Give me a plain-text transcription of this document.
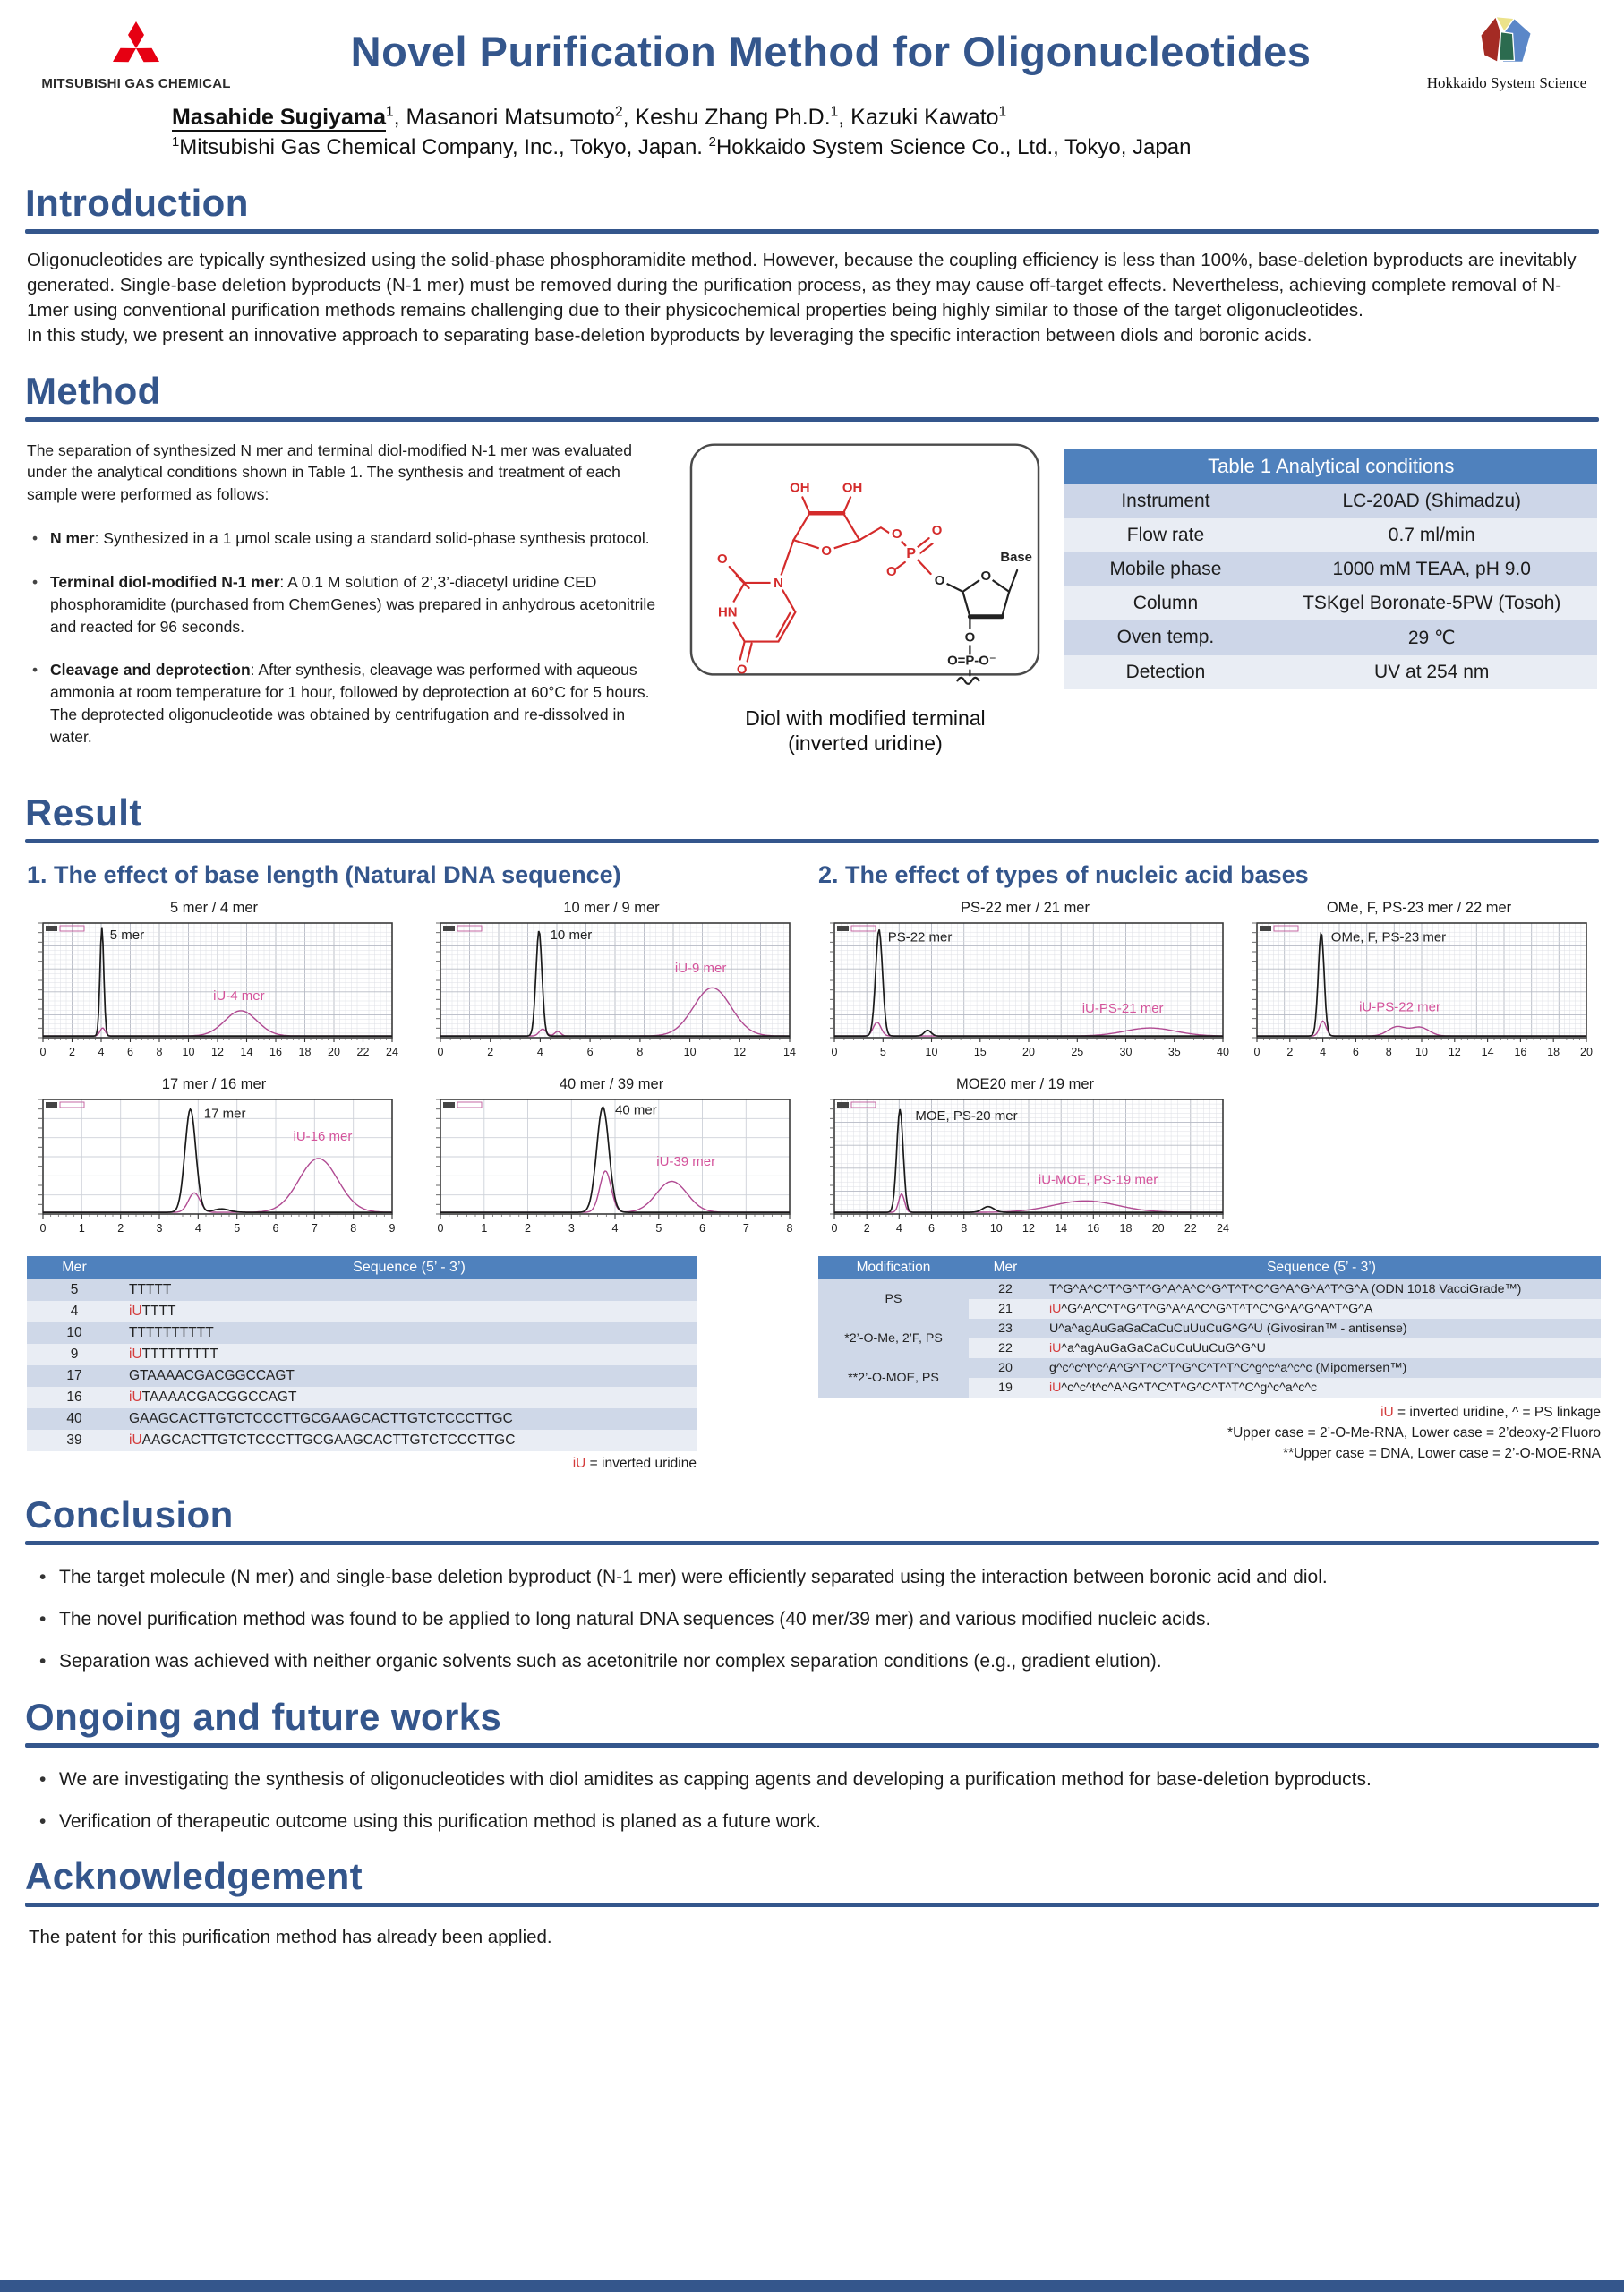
MITSUBISHI GAS CHEMICAL
Novel Purification Method for Oligonucleotides
Hokkaido System Science
Masahide Sugiyama$^1$, Masanori Matsumoto$^2$, Keshu Zhang Ph.D.$^1$, Kazuki Kawato$^1$
$^1$Mitsubishi Gas Chemical Company, Inc., Tokyo, Japan. $^2$Hokkaido System Science Co., Ltd., Tokyo, Japan
Introduction

Oligonucleotides are typically synthesized using the solid-phase phosphoramidite method. However, because the coupling efficiency is less than 100%, base-deletion byproducts are inevitably generated. Single-base deletion byproducts (N-1 mer) must be removed during the purification process, as they may cause off-target effects. Nevertheless, achieving complete removal of N-1mer using conventional purification methods remains challenging due to their physicochemical properties being highly similar to those of the target oligonucleotides.

In this study, we present an innovative approach to separating base-deletion byproducts by leveraging the specific interaction between diols and boronic acids.

Method

The separation of synthesized N mer and terminal diol-modified N-1 mer was evaluated under the analytical conditions shown in Table 1. The synthesis and treatment of each sample were performed as follows:

• N mer: Synthesized in a 1 μmol scale using a standard solid-phase synthesis protocol.
• Terminal diol-modified N-1 mer: A 0.1 M solution of 2’,3’-diacetyl uridine CED phosphoramidite (purchased from ChemGenes) was prepared in anhydrous acetonitrile and reacted for 96 seconds.
• Cleavage and deprotection: After synthesis, cleavage was performed with aqueous ammonia at room temperature for 1 hour, followed by deprotection at 60°C for 5 hours. The deprotected oligonucleotide was obtained by centrifugation and re-dissolved in water.
OH OH
O
N
O
HN
O
O
P
O
⁻O
O	O
Base
O
O=P-O⁻
Diol with modified terminal
(inverted uridine)
Table 1 Analytical conditions	
Instrument	LC-20AD (Shimadzu)
Flow rate	0.7 ml/min
Mobile phase	1000 mM TEAA, pH 9.0
Column	TSKgel Boronate-5PW (Tosoh)
Oven temp.	29 ℃
Detection	UV at 254 nm
Result
1. The effect of base length (Natural DNA sequence)
5 mer / 4 mer
0 2 4 6 8 10 12 14 16 18 20 22 24
5 mer
iU-4 mer
10 mer / 9 mer
0	2	4	6	8	10	12	14
10 mer
iU-9 mer
17 mer / 16 mer
0	1	2	3	4	5	6	7	8	9
17 mer
iU-16 mer
40 mer / 39 mer
0	1	2	3	4	5	6	7	8
40 mer
iU-39 mer
Mer	Sequence (5’ - 3’)
5	TTTTT
4	iUTTTT
10	TTTTTTTTTT
9	iUTTTTTTTTT
17	GTAAAACGACGGCCAGT
16	iUTAAAACGACGGCCAGT
40	GAAGCACTTGTCTCCCTTGCGAAGCACTTGTCTCCCTTGC
39	iUAAGCACTTGTCTCCCTTGCGAAGCACTTGTCTCCCTTGC
iU = inverted uridine
2. The effect of types of nucleic acid bases
PS-22 mer / 21 mer
0	5	10	15	20	25	30	35	40
PS-22 mer
iU-PS-21 mer
OMe, F, PS-23 mer / 22 mer
0 2 4 6 8 10 12 14 16 18 20
OMe, F, PS-23 mer
iU-PS-22 mer
MOE20 mer / 19 mer
0 2 4 6 8 10 12 14 16 18 20 22 24
MOE, PS-20 mer
iU-MOE, PS-19 mer
Modification	Mer	Sequence (5’ - 3’)
PS	22	T^G^A^C^T^G^T^G^A^A^C^G^T^T^C^G^A^G^A^T^G^A (ODN 1018 VacciGrade™)
	21	iU^G^A^C^T^G^T^G^A^A^C^G^T^T^C^G^A^G^A^T^G^A
*2’-O-Me, 2’F, PS	23	U^a^agAuGaGaCaCuCuUuCuG^G^U (Givosiran™ - antisense)
	22	iU^a^agAuGaGaCaCuCuUuCuG^G^U
**2’-O-MOE, PS	20	g^c^c^t^c^A^G^T^C^T^G^C^T^T^C^g^c^a^c^c (Mipomersen™)
	19	iU^c^c^t^c^A^G^T^C^T^G^C^T^T^C^g^c^a^c^c
iU = inverted uridine, ^ = PS linkage
*Upper case = 2’-O-Me-RNA, Lower case = 2’deoxy-2’Fluoro
**Upper case = DNA, Lower case = 2’-O-MOE-RNA
Conclusion
• The target molecule (N mer) and single-base deletion byproduct (N-1 mer) were efficiently separated using the interaction between boronic acid and diol.
• The novel purification method was found to be applied to long natural DNA sequences (40 mer/39 mer) and various modified nucleic acids.
• Separation was achieved with neither organic solvents such as acetonitrile nor complex separation conditions (e.g., gradient elution).
Ongoing and future works
• We are investigating the synthesis of oligonucleotides with diol amidites as capping agents and developing a purification method for base-deletion byproducts.
• Verification of therapeutic outcome using this purification method is planed as a future work.
Acknowledgement

The patent for this purification method has already been applied.
